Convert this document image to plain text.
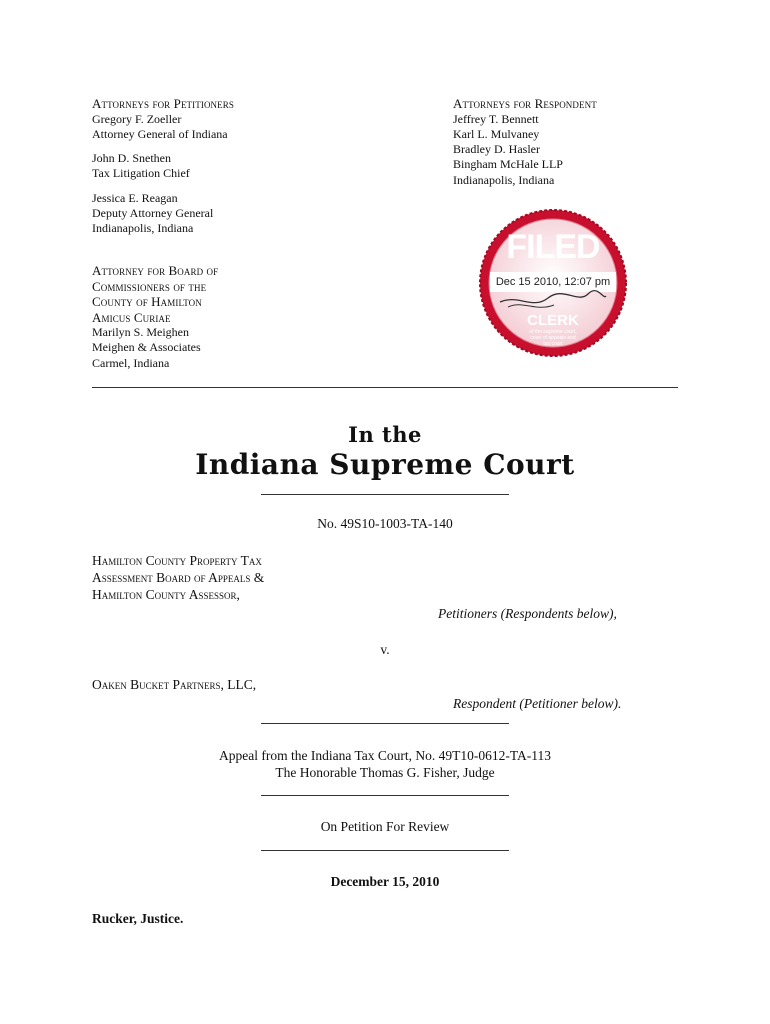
Attorneys for Petitioners
Gregory F. Zoeller
Attorney General of Indiana
John D. Snethen
Tax Litigation Chief
Jessica E. Reagan
Deputy Attorney General
Indianapolis, Indiana
Attorneys for Respondent
Jeffrey T. Bennett
Karl L. Mulvaney
Bradley D. Hasler
Bingham McHale LLP
Indianapolis, Indiana
Attorney for Board of
Commissioners of the
County of Hamilton
Amicus Curiae
Marilyn S. Meighen
Meighen & Associates
Carmel, Indiana
FILED
Dec 15 2010, 12:07 pm
CLERK
of the supreme court,
court of appeals and
tax court
In the
Indiana Supreme Court
No. 49S10-1003-TA-140
Hamilton County Property Tax
Assessment Board of Appeals &
Hamilton County Assessor,
Petitioners (Respondents below),
v.
Oaken Bucket Partners, LLC,
Respondent (Petitioner below).
Appeal from the Indiana Tax Court, No. 49T10-0612-TA-113
The Honorable Thomas G. Fisher, Judge
On Petition For Review
December 15, 2010
Rucker, Justice.
